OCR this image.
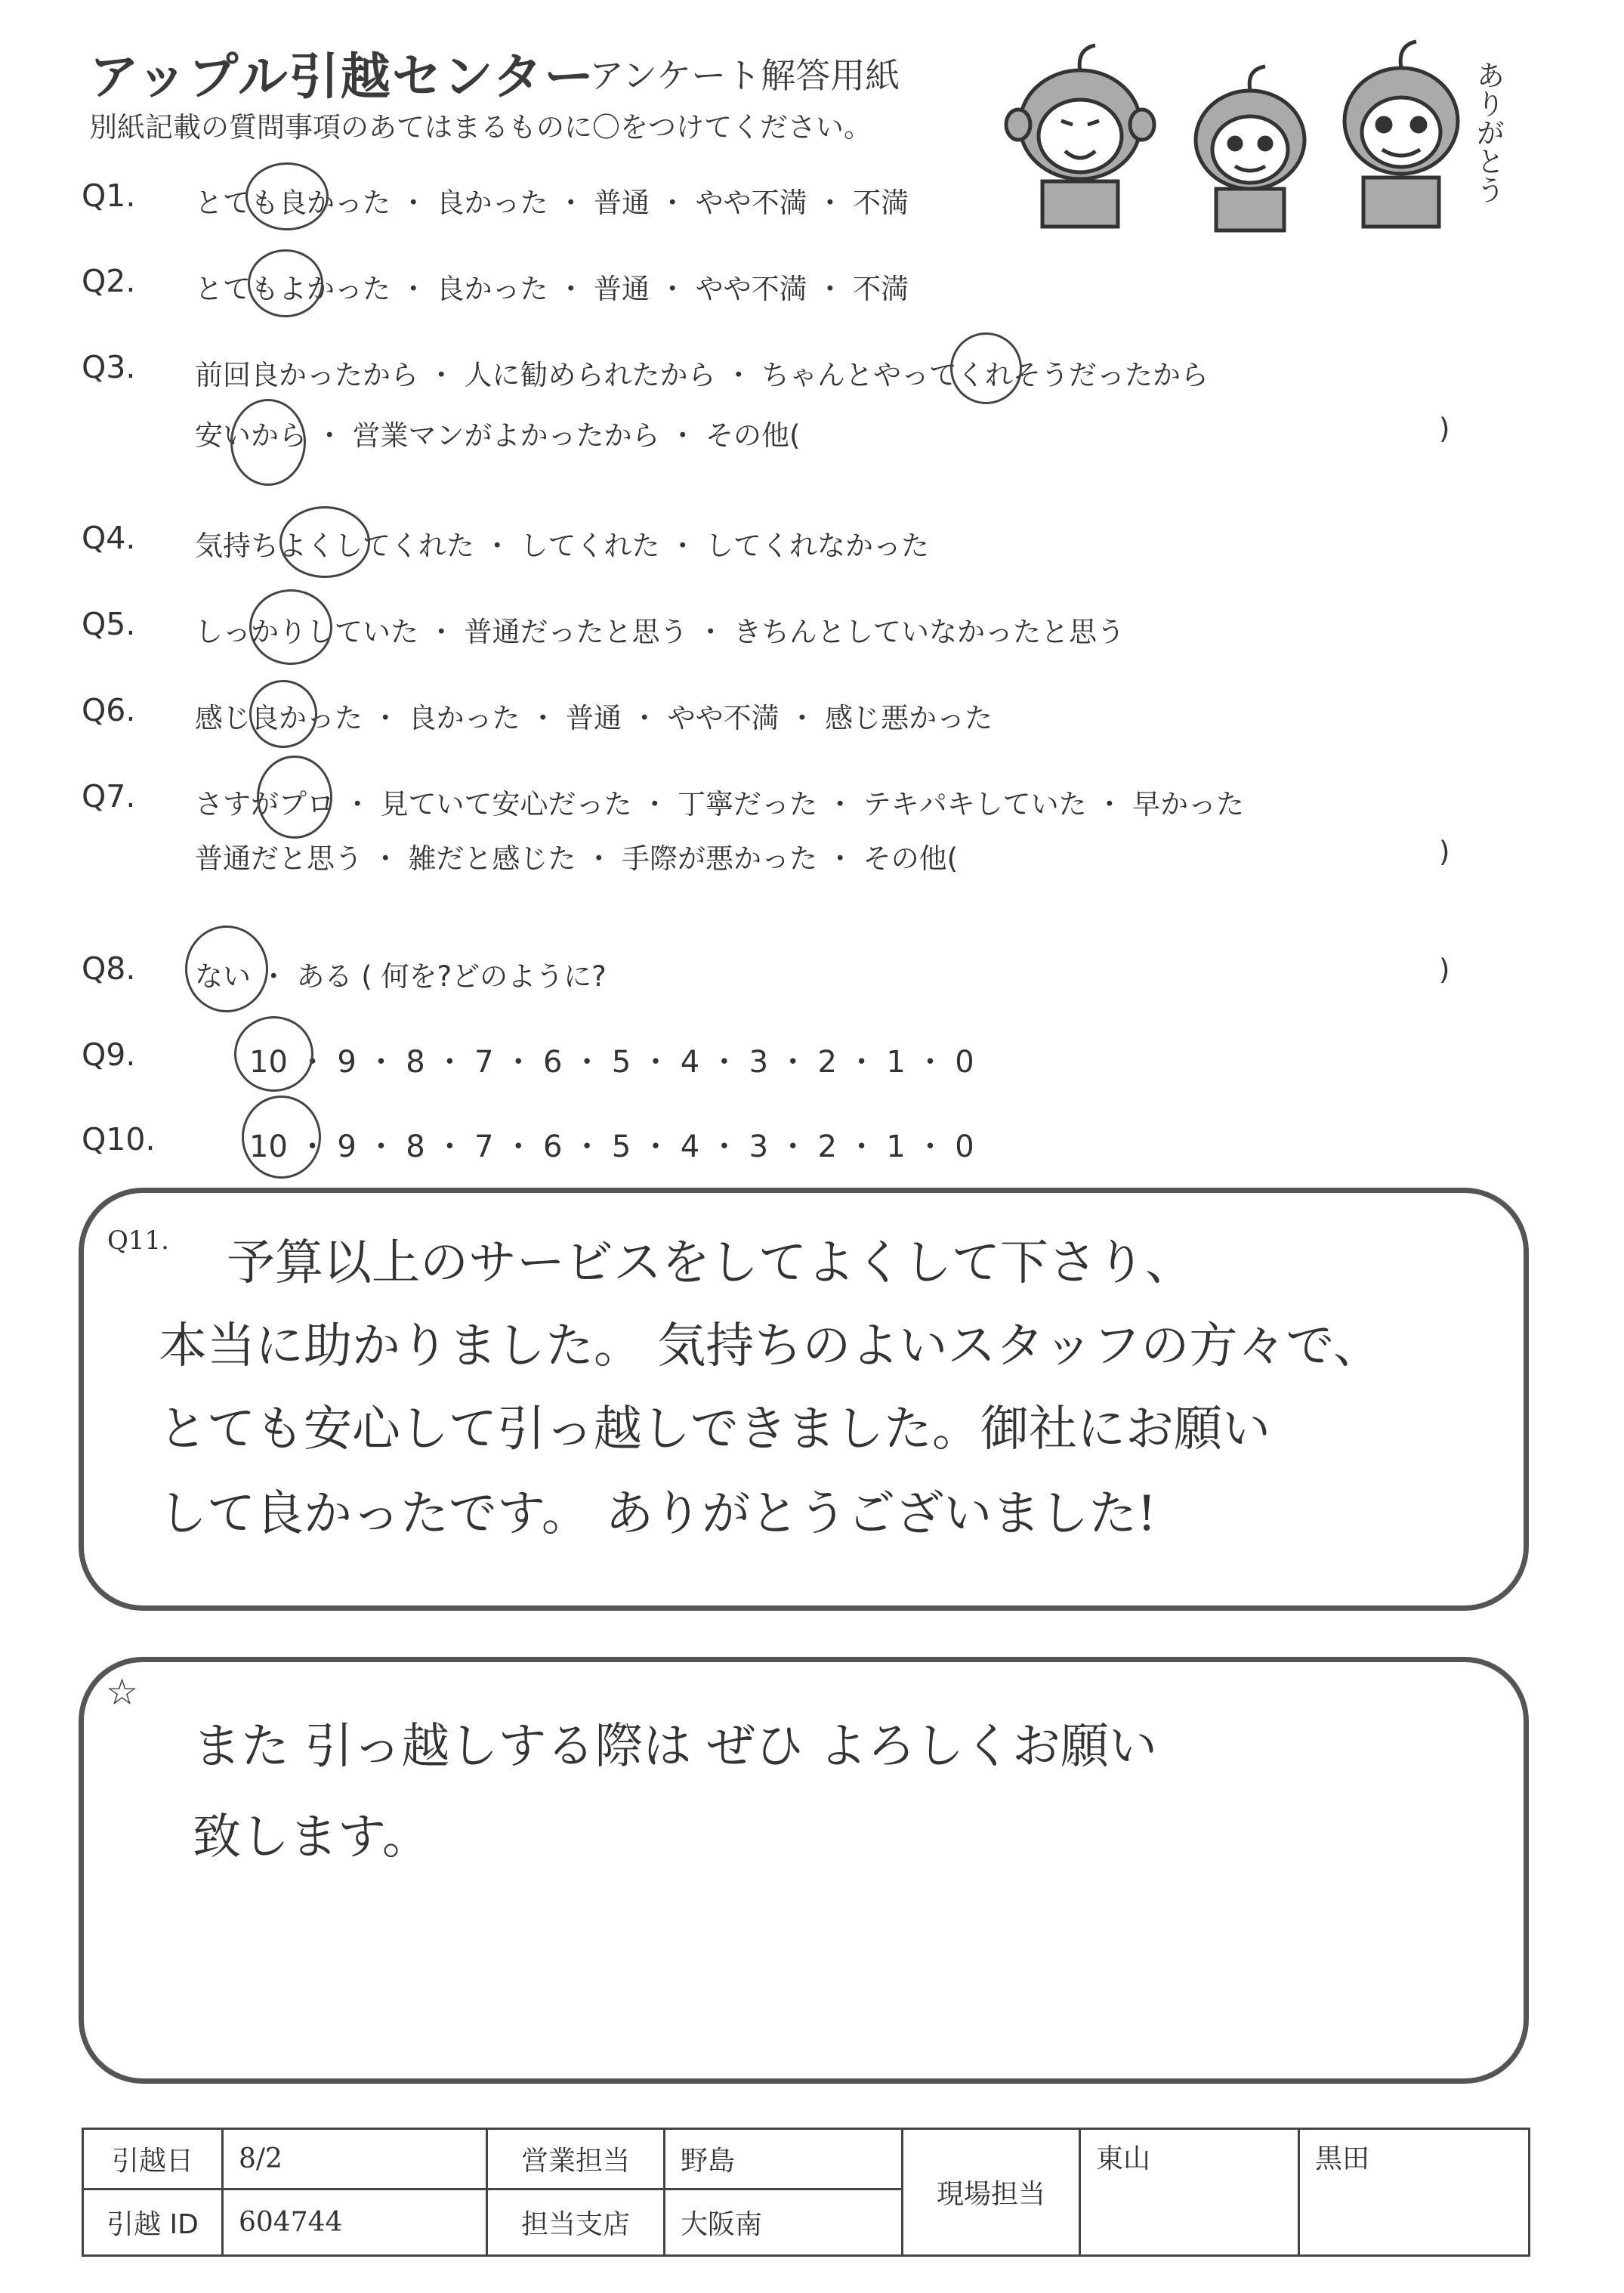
アップル引越センター
アンケート解答用紙
別紙記載の質問事項のあてはまるものに〇をつけてください。	ありがとう
Q1. とても良かった ・ 良かった ・ 普通 ・ やや不満 ・ 不満
Q2. とてもよかった ・ 良かった ・ 普通 ・ やや不満 ・ 不満
Q3. 前回良かったから ・ 人に勧められたから ・ ちゃんとやってくれそうだったから
安いから ・ 営業マンがよかったから ・ その他(	)
Q4. 気持ちよくしてくれた ・ してくれた ・ してくれなかった
Q5. しっかりしていた ・ 普通だったと思う ・ きちんとしていなかったと思う
Q6. 感じ良かった ・ 良かった ・ 普通 ・ やや不満 ・ 感じ悪かった
Q7. さすがプロ ・ 見ていて安心だった ・ 丁寧だった ・ テキパキしていた ・ 早かった
普通だと思う ・ 雑だと感じた ・ 手際が悪かった ・ その他(	)
Q8. ない ・ ある ( 何を?どのように?	)
Q9.	10 ・ 9 ・ 8 ・ 7 ・ 6 ・ 5 ・ 4 ・ 3 ・ 2 ・ 1 ・ 0
Q10.	10 ・ 9 ・ 8 ・ 7 ・ 6 ・ 5 ・ 4 ・ 3 ・ 2 ・ 1 ・ 0
Q11. 予算以上のサービスをしてよくして下さり、
本当に助かりました。 気持ちのよいスタッフの方々で、
とても安心して引っ越しできました。御社にお願い
して良かったです。 ありがとうございました!
☆
また 引っ越しする際は ぜひ よろしくお願い
致します。
引越日	8/2	営業担当	野島	現場担当	東山	黒田
引越 ID	604744	担当支店	大阪南			
